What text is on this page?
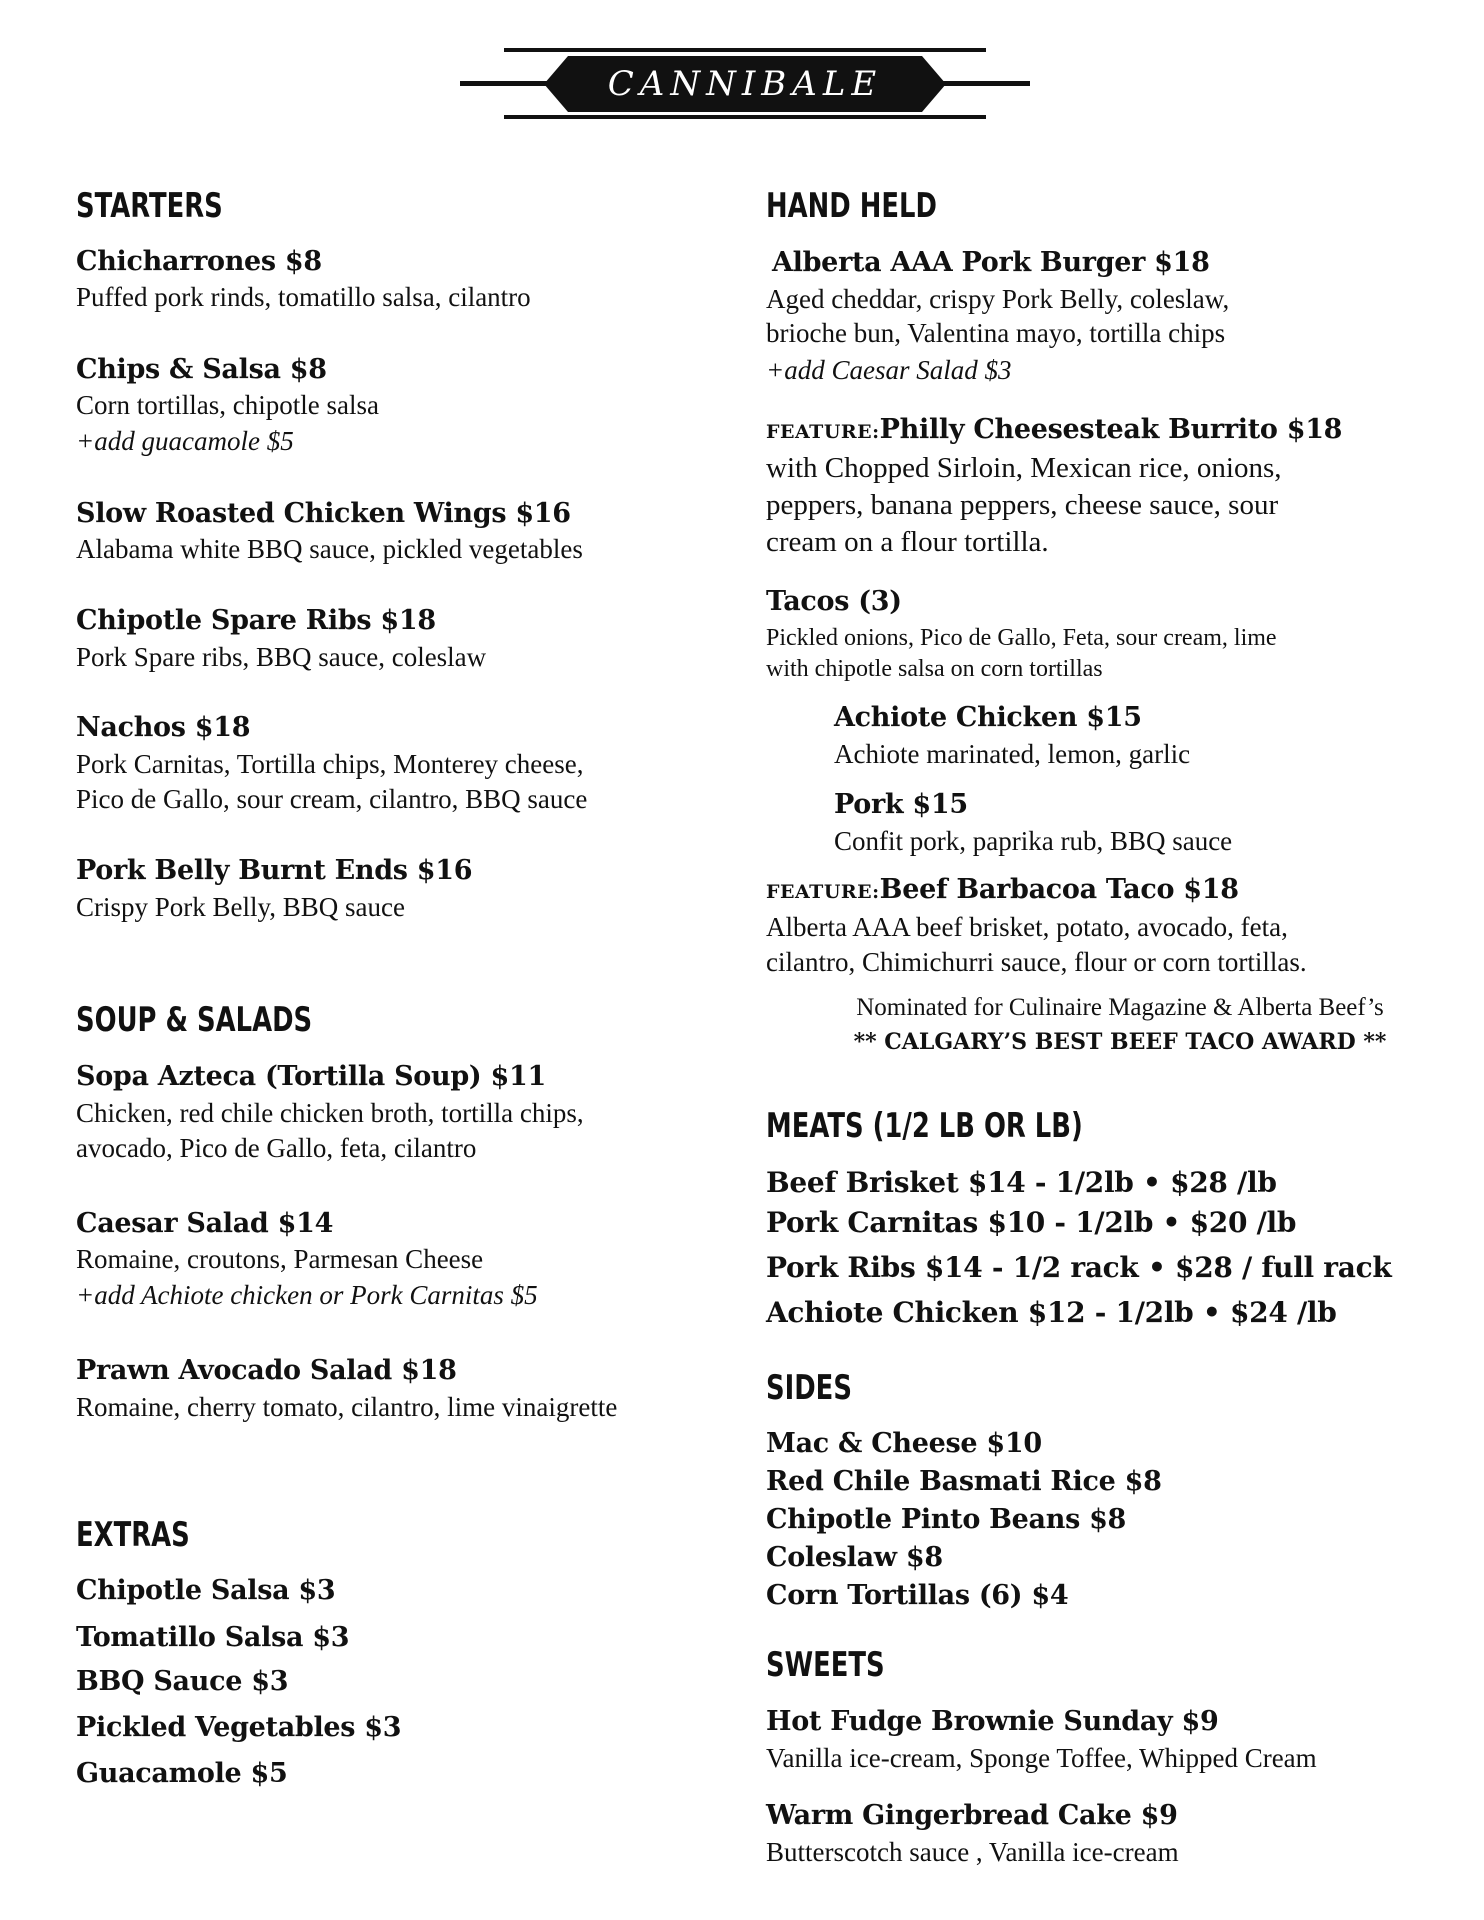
CANNIBALE
STARTERS
Chicharrones $8
Puffed pork rinds, tomatillo salsa, cilantro
Chips & Salsa $8
Corn tortillas, chipotle salsa
+add guacamole $5
Slow Roasted Chicken Wings $16
Alabama white BBQ sauce, pickled vegetables
Chipotle Spare Ribs $18
Pork Spare ribs, BBQ sauce, coleslaw
Nachos $18
Pork Carnitas, Tortilla chips, Monterey cheese,
Pico de Gallo, sour cream, cilantro, BBQ sauce
Pork Belly Burnt Ends $16
Crispy Pork Belly, BBQ sauce
SOUP & SALADS
Sopa Azteca (Tortilla Soup) $11
Chicken, red chile chicken broth, tortilla chips,
avocado, Pico de Gallo, feta, cilantro
Caesar Salad $14
Romaine, croutons, Parmesan Cheese
+add Achiote chicken or Pork Carnitas $5
Prawn Avocado Salad $18
Romaine, cherry tomato, cilantro, lime vinaigrette
EXTRAS
Chipotle Salsa $3
Tomatillo Salsa $3
BBQ Sauce $3
Pickled Vegetables $3
Guacamole $5
HAND HELD
Alberta AAA Pork Burger $18
Aged cheddar, crispy Pork Belly, coleslaw,
brioche bun, Valentina mayo, tortilla chips
+add Caesar Salad $3
FEATURE:Philly Cheesesteak Burrito $18
with Chopped Sirloin, Mexican rice, onions,
peppers, banana peppers, cheese sauce, sour
cream on a flour tortilla.
Tacos (3)
Pickled onions, Pico de Gallo, Feta, sour cream, lime
with chipotle salsa on corn tortillas
Achiote Chicken $15
Achiote marinated, lemon, garlic
Pork $15
Confit pork, paprika rub, BBQ sauce
FEATURE:Beef Barbacoa Taco $18
Alberta AAA beef brisket, potato, avocado, feta,
cilantro, Chimichurri sauce, flour or corn tortillas.
Nominated for Culinaire Magazine & Alberta Beef’s
** CALGARY’S BEST BEEF TACO AWARD **
MEATS (1/2 LB OR LB)
Beef Brisket $14 - 1/2lb • $28 /lb
Pork Carnitas $10 - 1/2lb • $20 /lb
Pork Ribs $14 - 1/2 rack • $28 / full rack
Achiote Chicken $12 - 1/2lb • $24 /lb
SIDES
Mac & Cheese $10
Red Chile Basmati Rice $8
Chipotle Pinto Beans $8
Coleslaw $8
Corn Tortillas (6) $4
SWEETS
Hot Fudge Brownie Sunday $9
Vanilla ice-cream, Sponge Toffee, Whipped Cream
Warm Gingerbread Cake $9
Butterscotch sauce , Vanilla ice-cream
